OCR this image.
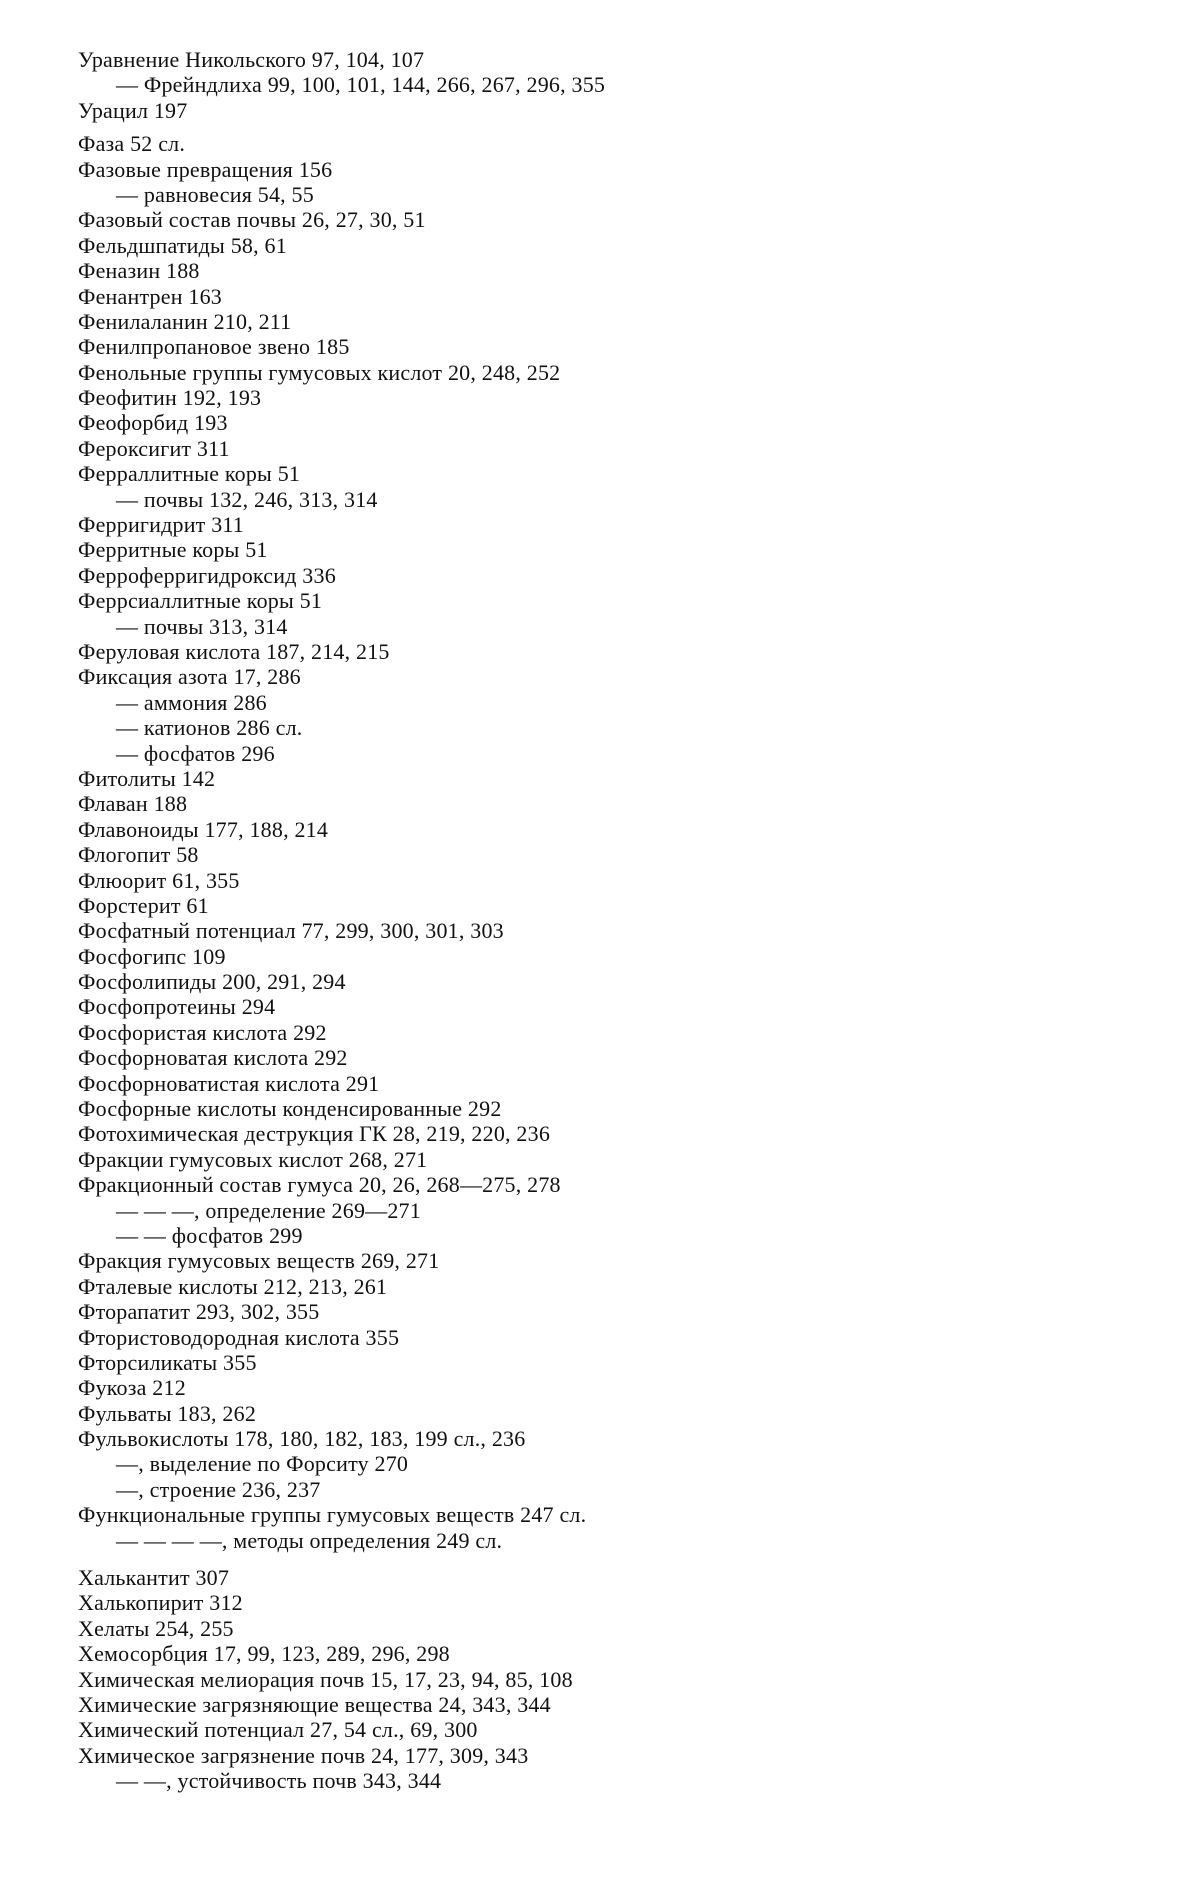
Уравнение Никольского 97, 104, 107
— Фрейндлиха 99, 100, 101, 144, 266, 267, 296, 355
Урацил 197
Фаза 52 сл.
Фазовые превращения 156
— равновесия 54, 55
Фазовый состав почвы 26, 27, 30, 51
Фельдшпатиды 58, 61
Феназин 188
Фенантрен 163
Фенилаланин 210, 211
Фенилпропановое звено 185
Фенольные группы гумусовых кислот 20, 248, 252
Феофитин 192, 193
Феофорбид 193
Фероксигит 311
Ферраллитные коры 51
— почвы 132, 246, 313, 314
Ферригидрит 311
Ферритные коры 51
Ферроферригидроксид 336
Феррсиаллитные коры 51
— почвы 313, 314
Феруловая кислота 187, 214, 215
Фиксация азота 17, 286
— аммония 286
— катионов 286 сл.
— фосфатов 296
Фитолиты 142
Флаван 188
Флавоноиды 177, 188, 214
Флогопит 58
Флюорит 61, 355
Форстерит 61
Фосфатный потенциал 77, 299, 300, 301, 303
Фосфогипс 109
Фосфолипиды 200, 291, 294
Фосфопротеины 294
Фосфористая кислота 292
Фосфорноватая кислота 292
Фосфорноватистая кислота 291
Фосфорные кислоты конденсированные 292
Фотохимическая деструкция ГК 28, 219, 220, 236
Фракции гумусовых кислот 268, 271
Фракционный состав гумуса 20, 26, 268—275, 278
— — —, определение 269—271
— — фосфатов 299
Фракция гумусовых веществ 269, 271
Фталевые кислоты 212, 213, 261
Фторапатит 293, 302, 355
Фтористоводородная кислота 355
Фторсиликаты 355
Фукоза 212
Фульваты 183, 262
Фульвокислоты 178, 180, 182, 183, 199 сл., 236
—, выделение по Форситу 270
—, строение 236, 237
Функциональные группы гумусовых веществ 247 сл.
— — — —, методы определения 249 сл.
Халькантит 307
Халькопирит 312
Хелаты 254, 255
Хемосорбция 17, 99, 123, 289, 296, 298
Химическая мелиорация почв 15, 17, 23, 94, 85, 108
Химические загрязняющие вещества 24, 343, 344
Химический потенциал 27, 54 сл., 69, 300
Химическое загрязнение почв 24, 177, 309, 343
— —, устойчивость почв 343, 344
